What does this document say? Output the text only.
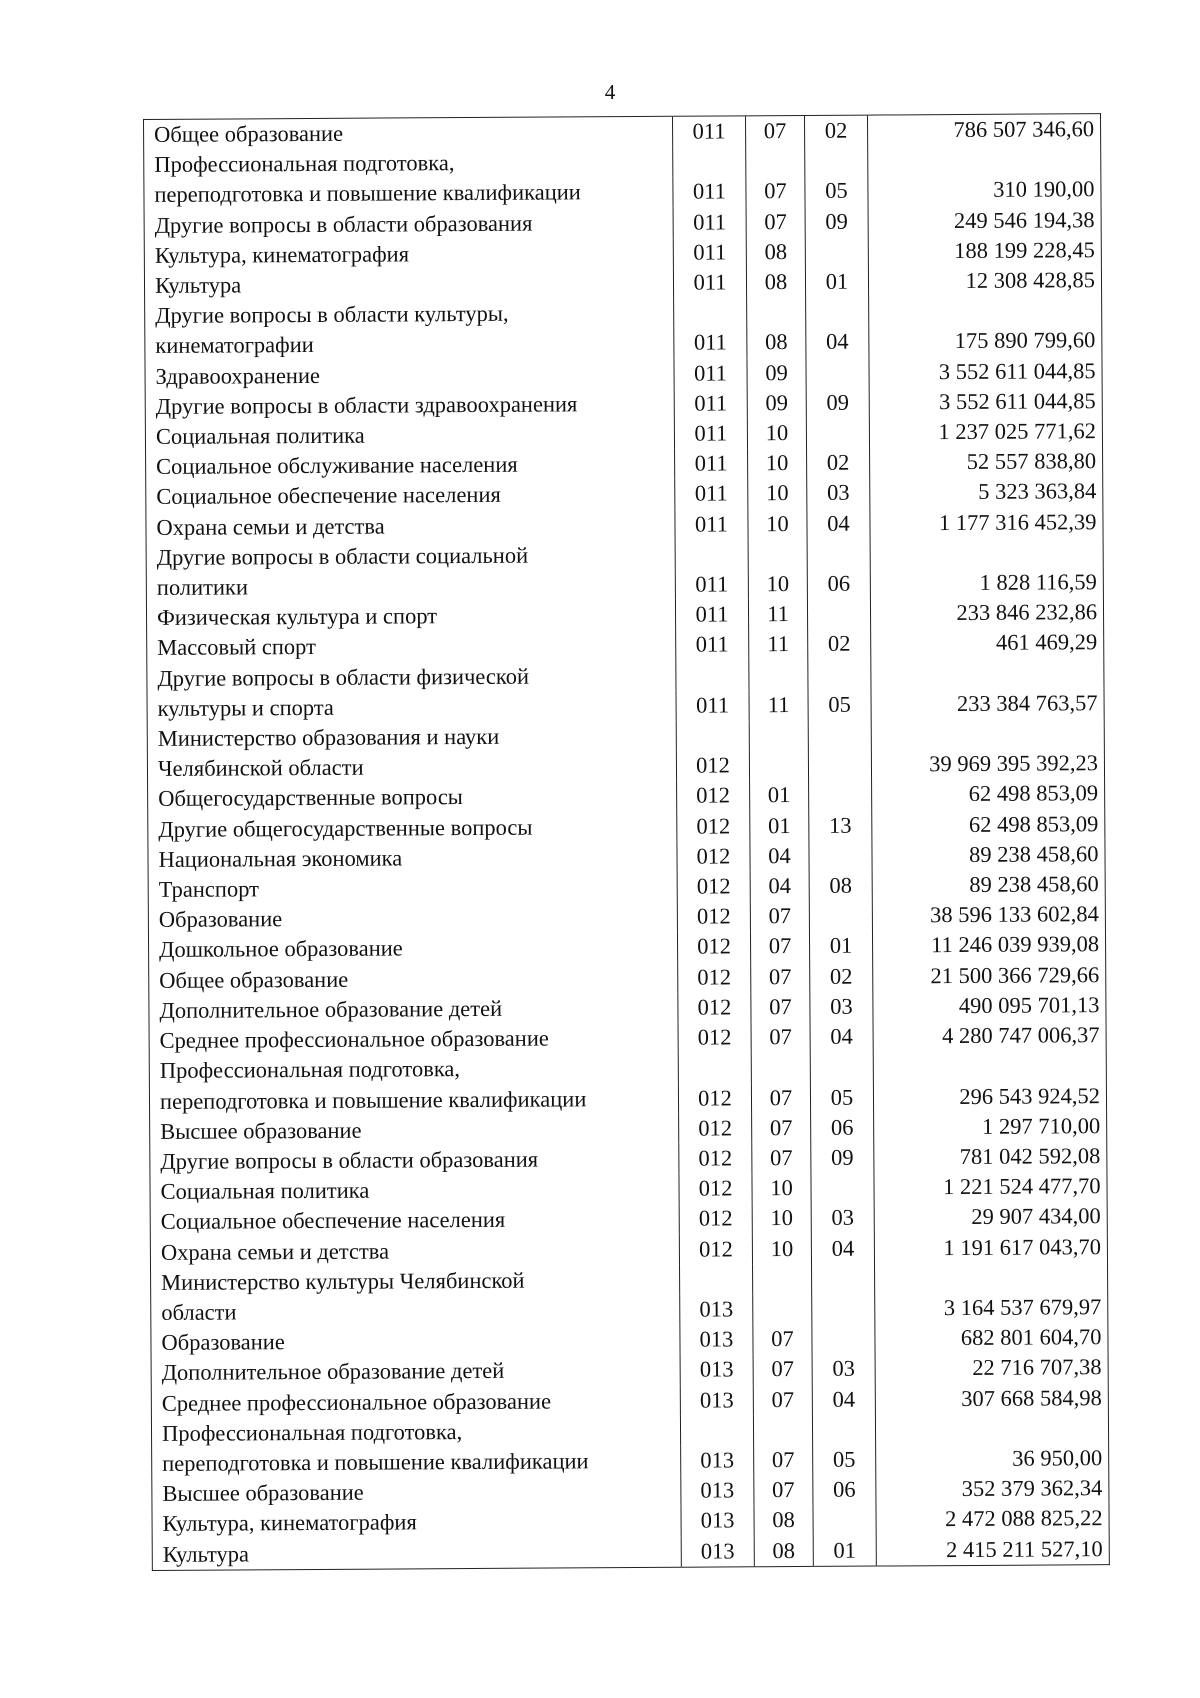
4
Общее образование	011	07	02	786 507 346,60
Профессиональная подготовка,				
переподготовка и повышение квалификации	011	07	05	310 190,00
Другие вопросы в области образования	011	07	09	249 546 194,38
Культура, кинематография	011	08		188 199 228,45
Культура	011	08	01	12 308 428,85
Другие вопросы в области культуры,				
кинематографии	011	08	04	175 890 799,60
Здравоохранение	011	09		3 552 611 044,85
Другие вопросы в области здравоохранения	011	09	09	3 552 611 044,85
Социальная политика	011	10		1 237 025 771,62
Социальное обслуживание населения	011	10	02	52 557 838,80
Социальное обеспечение населения	011	10	03	5 323 363,84
Охрана семьи и детства	011	10	04	1 177 316 452,39
Другие вопросы в области социальной				
политики	011	10	06	1 828 116,59
Физическая культура и спорт	011	11		233 846 232,86
Массовый спорт	011	11	02	461 469,29
Другие вопросы в области физической				
культуры и спорта	011	11	05	233 384 763,57
Министерство образования и науки				
Челябинской области	012			39 969 395 392,23
Общегосударственные вопросы	012	01		62 498 853,09
Другие общегосударственные вопросы	012	01	13	62 498 853,09
Национальная экономика	012	04		89 238 458,60
Транспорт	012	04	08	89 238 458,60
Образование	012	07		38 596 133 602,84
Дошкольное образование	012	07	01	11 246 039 939,08
Общее образование	012	07	02	21 500 366 729,66
Дополнительное образование детей	012	07	03	490 095 701,13
Среднее профессиональное образование	012	07	04	4 280 747 006,37
Профессиональная подготовка,				
переподготовка и повышение квалификации	012	07	05	296 543 924,52
Высшее образование	012	07	06	1 297 710,00
Другие вопросы в области образования	012	07	09	781 042 592,08
Социальная политика	012	10		1 221 524 477,70
Социальное обеспечение населения	012	10	03	29 907 434,00
Охрана семьи и детства	012	10	04	1 191 617 043,70
Министерство культуры Челябинской				
области	013			3 164 537 679,97
Образование	013	07		682 801 604,70
Дополнительное образование детей	013	07	03	22 716 707,38
Среднее профессиональное образование	013	07	04	307 668 584,98
Профессиональная подготовка,				
переподготовка и повышение квалификации	013	07	05	36 950,00
Высшее образование	013	07	06	352 379 362,34
Культура, кинематография	013	08		2 472 088 825,22
Культура	013	08	01	2 415 211 527,10
